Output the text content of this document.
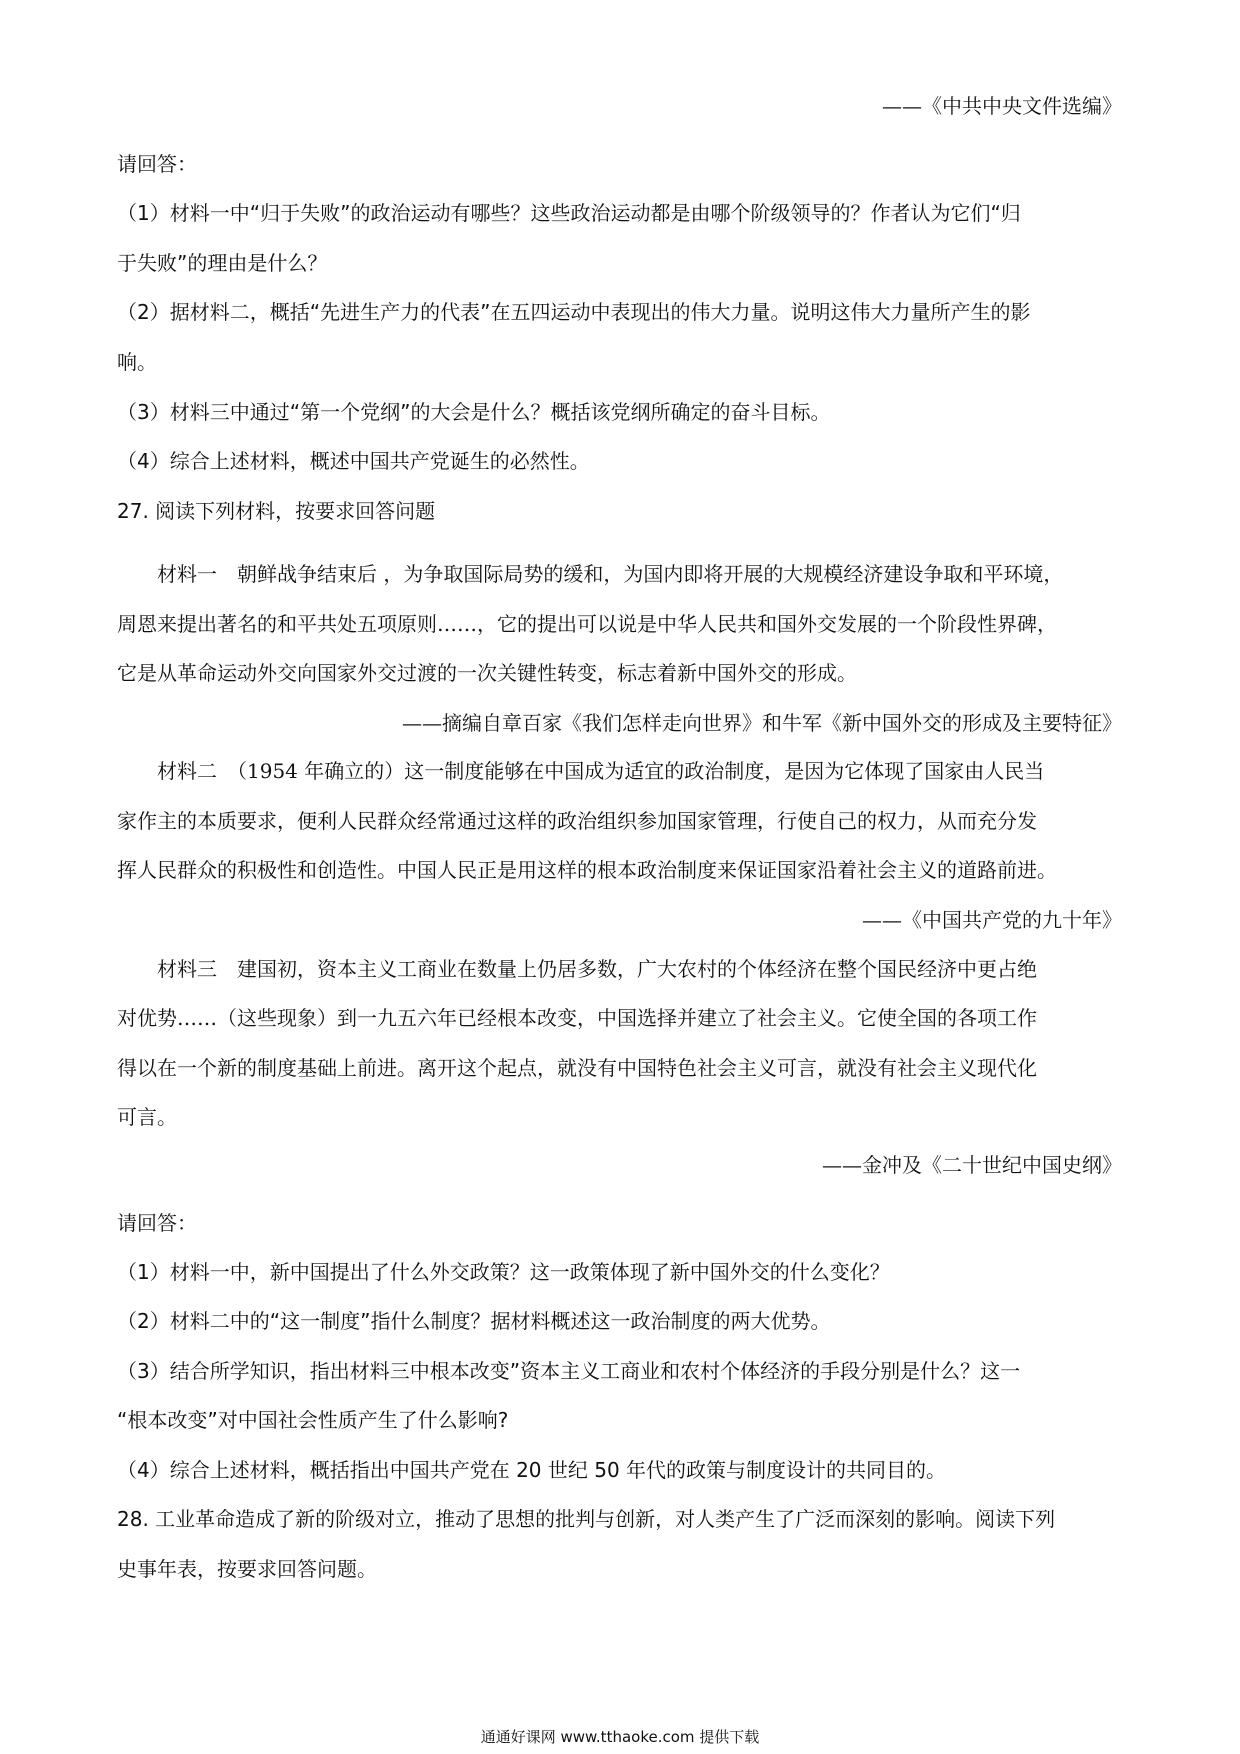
——《中共中央文件选编》
请回答：
（1）材料一中“归于失败”的政治运动有哪些？这些政治运动都是由哪个阶级领导的？作者认为它们“归
于失败”的理由是什么？
（2）据材料二，概括“先进生产力的代表”在五四运动中表现出的伟大力量。说明这伟大力量所产生的影
响。
（3）材料三中通过“第一个党纲”的大会是什么？概括该党纲所确定的奋斗目标。
（4）综合上述材料，概述中国共产党诞生的必然性。
27. 阅读下列材料，按要求回答问题
材料一　朝鲜战争结束后 ，为争取国际局势的缓和，为国内即将开展的大规模经济建设争取和平环境，
周恩来提出著名的和平共处五项原则……，它的提出可以说是中华人民共和国外交发展的一个阶段性界碑，
它是从革命运动外交向国家外交过渡的一次关键性转变，标志着新中国外交的形成。
——摘编自章百家《我们怎样走向世界》和牛军《新中国外交的形成及主要特征》
材料二　（1954 年确立的）这一制度能够在中国成为适宜的政治制度，是因为它体现了国家由人民当
家作主的本质要求，便利人民群众经常通过这样的政治组织参加国家管理，行使自己的权力，从而充分发
挥人民群众的积极性和创造性。中国人民正是用这样的根本政治制度来保证国家沿着社会主义的道路前进。
——《中国共产党的九十年》
材料三　建国初，资本主义工商业在数量上仍居多数，广大农村的个体经济在整个国民经济中更占绝
对优势……（这些现象）到一九五六年已经根本改变，中国选择并建立了社会主义。它使全国的各项工作
得以在一个新的制度基础上前进。离开这个起点，就没有中国特色社会主义可言，就没有社会主义现代化
可言。
——金冲及《二十世纪中国史纲》
请回答：
（1）材料一中，新中国提出了什么外交政策？这一政策体现了新中国外交的什么变化？
（2）材料二中的“这一制度”指什么制度？据材料概述这一政治制度的两大优势。
（3）结合所学知识，指出材料三中根本改变”资本主义工商业和农村个体经济的手段分别是什么？这一
“根本改变”对中国社会性质产生了什么影响?
（4）综合上述材料，概括指出中国共产党在 20 世纪 50 年代的政策与制度设计的共同目的。
28. 工业革命造成了新的阶级对立，推动了思想的批判与创新，对人类产生了广泛而深刻的影响。阅读下列
史事年表，按要求回答问题。
通通好课网 www.tthaoke.com 提供下载
